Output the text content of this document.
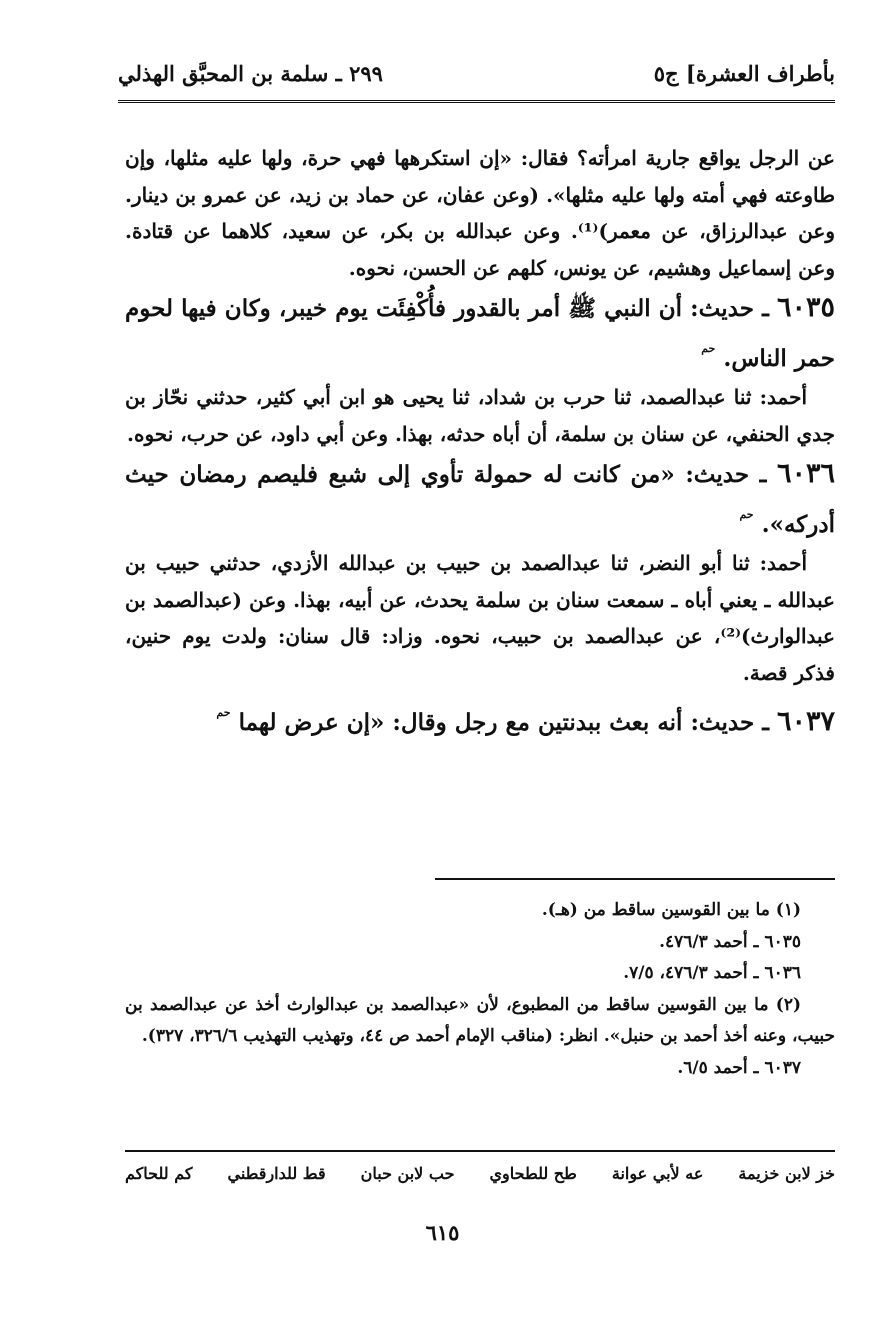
بأطراف العشرة] ج٥
٢٩٩ ـ سلمة بن المحبَّق الهذلي

عن الرجل يواقع جارية امرأته؟ فقال: «إن استكرهها فهي حرة، ولها عليه مثلها، وإن طاوعته فهي أمته ولها عليه مثلها». (وعن عفان، عن حماد بن زيد، عن عمرو بن دينار. وعن عبدالرزاق، عن معمر)⁽¹⁾. وعن عبدالله بن بكر، عن سعيد، كلاهما عن قتادة. وعن إسماعيل وهشيم، عن يونس، كلهم عن الحسن، نحوه.

٦٠٣٥ ـ حديث: أن النبي ﷺ أمر بالقدور فأُكْفِئَت يوم خيبر، وكان فيها لحوم حمر الناس. $^{حم}$

أحمد: ثنا عبدالصمد، ثنا حرب بن شداد، ثنا يحيى هو ابن أبي كثير، حدثني نحّاز بن جدي الحنفي، عن سنان بن سلمة، أن أباه حدثه، بهذا. وعن أبي داود، عن حرب، نحوه.

٦٠٣٦ ـ حديث: «من كانت له حمولة تأوي إلى شبع فليصم رمضان حيث أدركه». $^{حم}$

أحمد: ثنا أبو النضر، ثنا عبدالصمد بن حبيب بن عبدالله الأزدي، حدثني حبيب بن عبدالله ـ يعني أباه ـ سمعت سنان بن سلمة يحدث، عن أبيه، بهذا. وعن (عبدالصمد بن عبدالوارث)⁽²⁾، عن عبدالصمد بن حبيب، نحوه. وزاد: قال سنان: ولدت يوم حنين، فذكر قصة.

٦٠٣٧ ـ حديث: أنه بعث ببدنتين مع رجل وقال: «إن عرض لهما $^{حم}$

(١) ما بين القوسين ساقط من (هـ).

٦٠٣٥ ـ أحمد ٤٧٦/٣.

٦٠٣٦ ـ أحمد ٤٧٦/٣، ٧/٥.

(٢) ما بين القوسين ساقط من المطبوع، لأن «عبدالصمد بن عبدالوارث أخذ عن عبدالصمد بن حبيب، وعنه أخذ أحمد بن حنبل». انظر: (مناقب الإمام أحمد ص ٤٤، وتهذيب التهذيب ٣٢٦/٦، ٣٢٧).

٦٠٣٧ ـ أحمد ٦/٥.

خز لابن خزيمة
عه لأبي عوانة
طح للطحاوي
حب لابن حبان
قط للدارقطني
كم للحاكم
٦١٥
